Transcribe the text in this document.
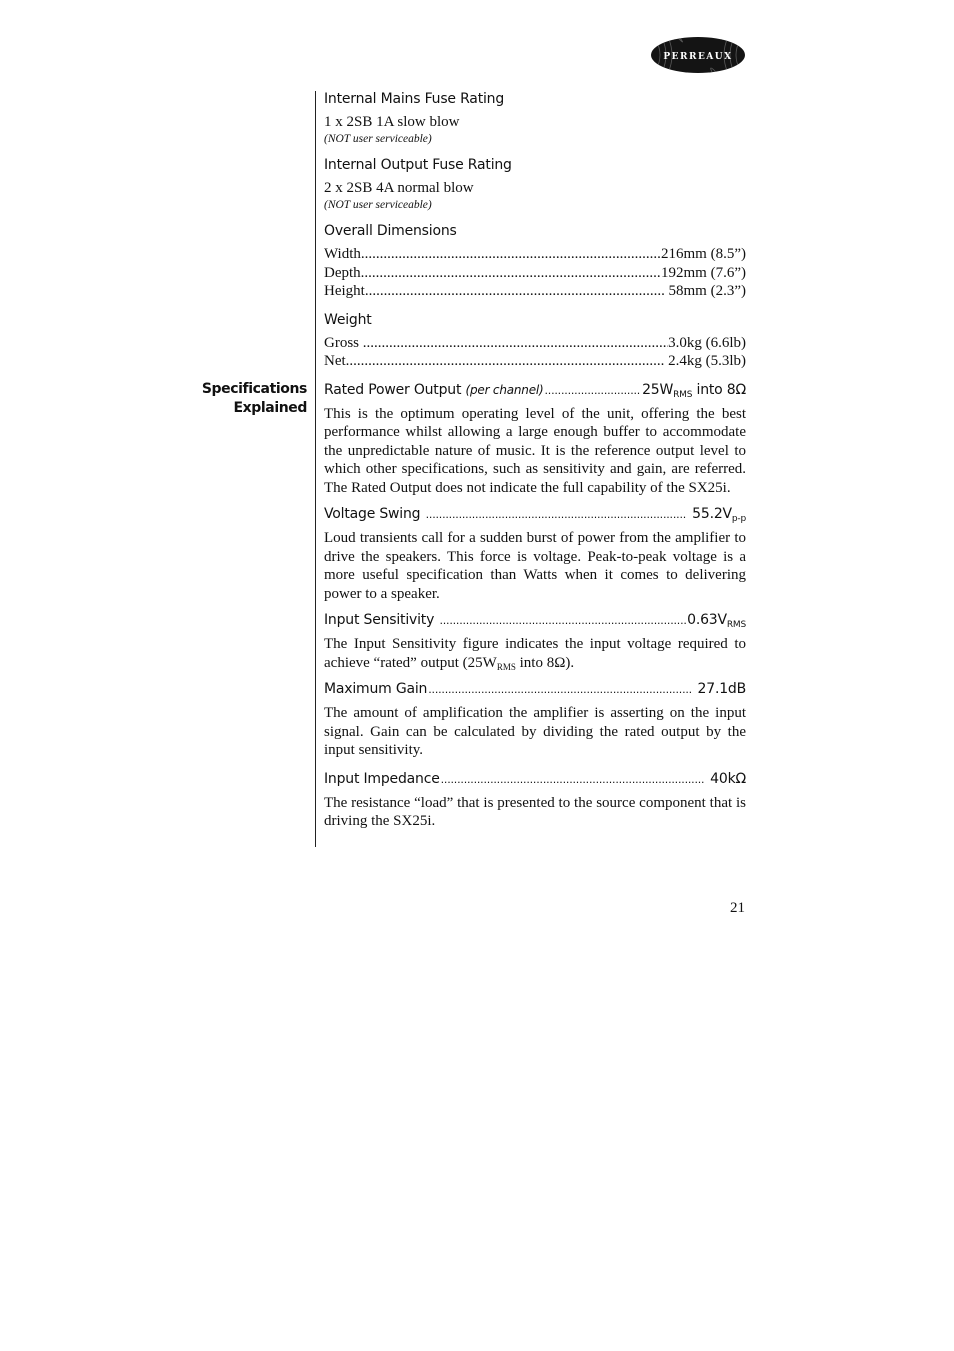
PERREAUX
Specifications
Explained
Internal Mains Fuse Rating
1 x 2SB 1A slow blow
(NOT user serviceable)
Internal Output Fuse Rating
2 x 2SB 4A normal blow
(NOT user serviceable)
Overall Dimensions
Width .....	216mm (8.5”)
Depth .....	192mm (7.6”)
Height .....	58mm (2.3”)
Weight
Gross .....	3.0kg (6.6lb)
Net .....	2.4kg (5.3lb)
Rated Power Output (per channel) .....	$25W_{RMS}$ into 8Ω
This is the optimum operating level of the unit, offering the best performance whilst allowing a large enough buffer to accommodate the unpredictable nature of music. It is the reference output level to which other specifications, such as sensitivity and gain, are referred. The Rated Output does not indicate the full capability of the SX25i.
Voltage Swing .....	$55.2V_{p-p}$
Loud transients call for a sudden burst of power from the amplifier to drive the speakers. This force is voltage. Peak-to-peak voltage is a more useful specification than Watts when it comes to delivering power to a speaker.
Input Sensitivity .....	$0.63V_{RMS}$
The Input Sensitivity figure indicates the input voltage required to achieve “rated” output ($25W_{RMS}$ into 8Ω).
Maximum Gain .....	27.1dB
The amount of amplification the amplifier is asserting on the input signal. Gain can be calculated by dividing the rated output by the input sensitivity.
Input Impedance .....	40kΩ
The resistance “load” that is presented to the source component that is driving the SX25i.
21
